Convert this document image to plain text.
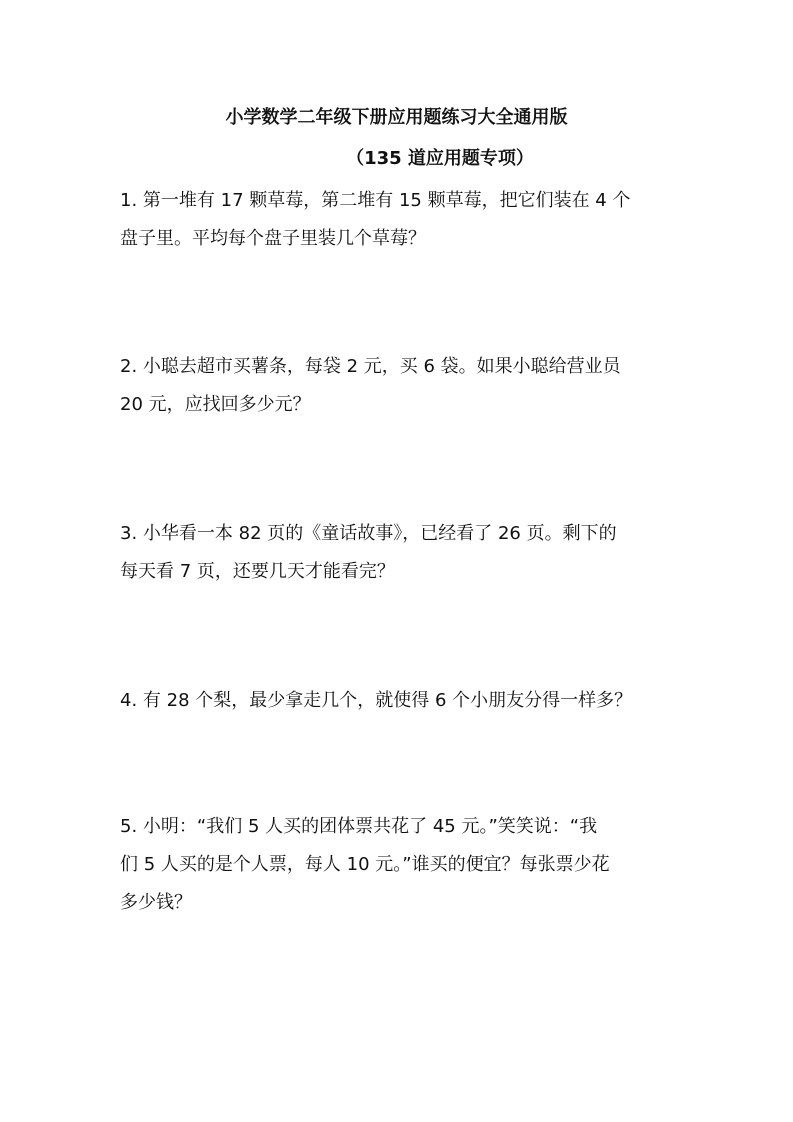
小学数学二年级下册应用题练习大全通用版
（135 道应用题专项）
1. 第一堆有 17 颗草莓，第二堆有 15 颗草莓，把它们装在 4 个
盘子里。平均每个盘子里装几个草莓？
2. 小聪去超市买薯条，每袋 2 元，买 6 袋。如果小聪给营业员
20 元，应找回多少元？
3. 小华看一本 82 页的《童话故事》，已经看了 26 页。剩下的
每天看 7 页，还要几天才能看完？
4. 有 28 个梨，最少拿走几个，就使得 6 个小朋友分得一样多？
5. 小明：“我们 5 人买的团体票共花了 45 元。”笑笑说：“我
们 5 人买的是个人票，每人 10 元。”谁买的便宜？每张票少花
多少钱？
